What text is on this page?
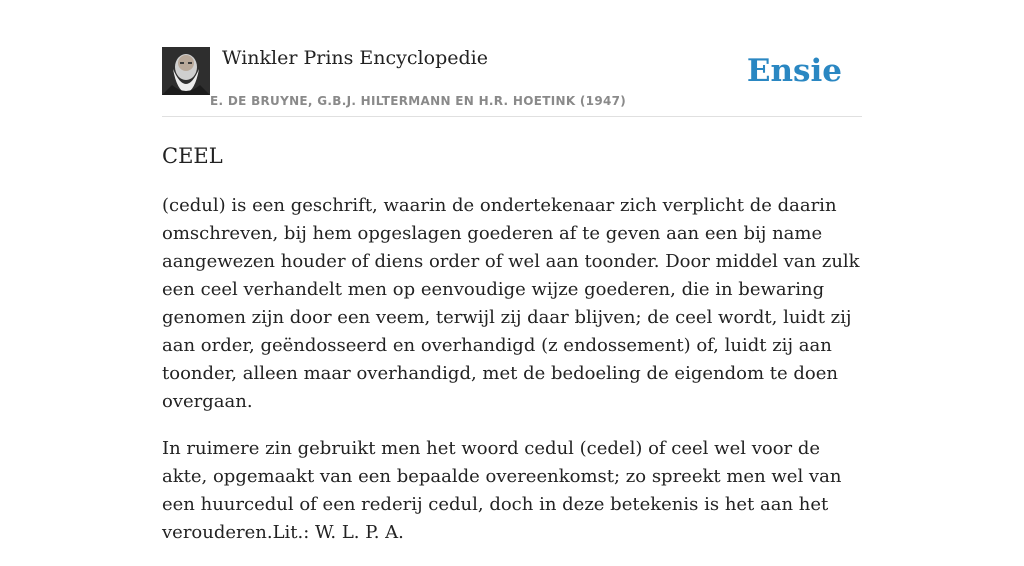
Winkler Prins Encyclopedie
E. DE BRUYNE, G.B.J. HILTERMANN EN H.R. HOETINK (1947)
Ensie
CEEL

(cedul) is een geschrift, waarin de ondertekenaar zich verplicht de daarin omschreven, bij hem opgeslagen goederen af te geven aan een bij name aangewezen houder of diens order of wel aan toonder. Door middel van zulk een ceel verhandelt men op eenvoudige wijze goederen, die in bewaring genomen zijn door een veem, terwijl zij daar blijven; de ceel wordt, luidt zij aan order, geëndosseerd en overhandigd (z endossement) of, luidt zij aan toonder, alleen maar overhandigd, met de bedoeling de eigendom te doen overgaan.

In ruimere zin gebruikt men het woord cedul (cedel) of ceel wel voor de akte, opgemaakt van een bepaalde overeenkomst; zo spreekt men wel van een huurcedul of een rederij cedul, doch in deze betekenis is het aan het verouderen.Lit.: W. L. P. A.
